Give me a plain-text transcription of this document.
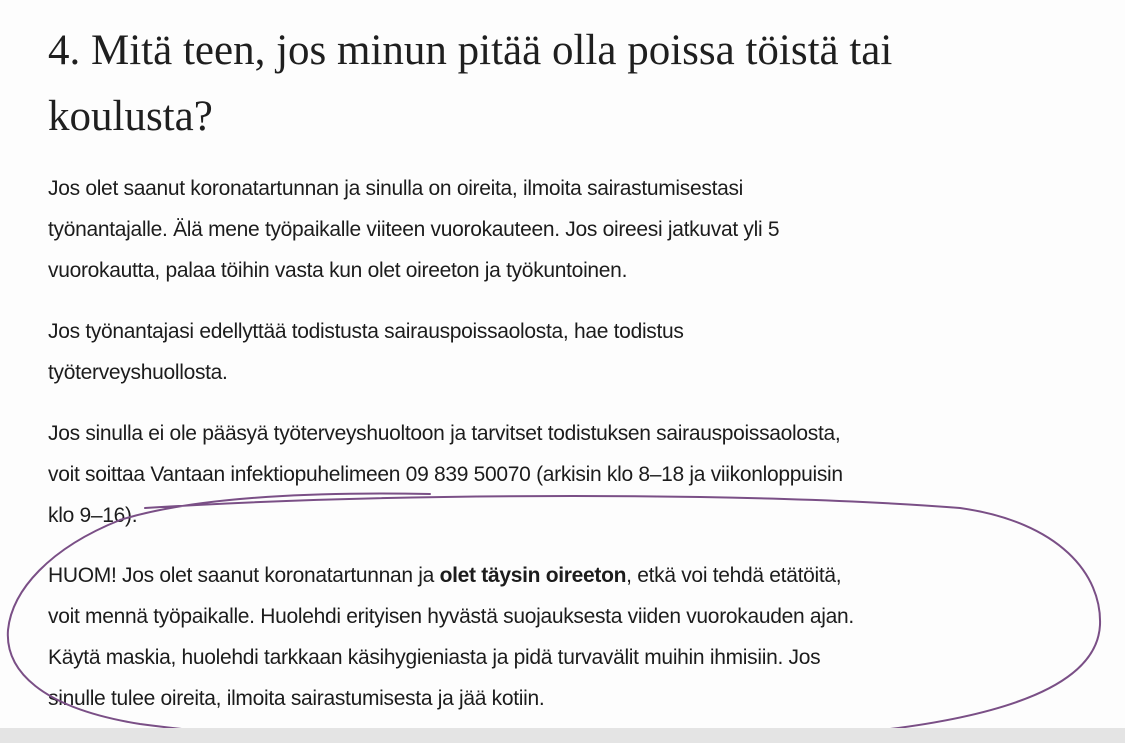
4. Mitä teen, jos minun pitää olla poissa töistä tai
koulusta?

Jos olet saanut koronatartunnan ja sinulla on oireita, ilmoita sairastumisestasi
työnantajalle. Älä mene työpaikalle viiteen vuorokauteen. Jos oireesi jatkuvat yli 5
vuorokautta, palaa töihin vasta kun olet oireeton ja työkuntoinen.

Jos työnantajasi edellyttää todistusta sairauspoissaolosta, hae todistus
työterveyshuollosta.

Jos sinulla ei ole pääsyä työterveyshuoltoon ja tarvitset todistuksen sairauspoissaolosta,
voit soittaa Vantaan infektiopuhelimeen 09 839 50070 (arkisin klo 8–18 ja viikonloppuisin
klo 9–16).

HUOM! Jos olet saanut koronatartunnan ja olet täysin oireeton, etkä voi tehdä etätöitä,
voit mennä työpaikalle. Huolehdi erityisen hyvästä suojauksesta viiden vuorokauden ajan.
Käytä maskia, huolehdi tarkkaan käsihygieniasta ja pidä turvavälit muihin ihmisiin. Jos
sinulle tulee oireita, ilmoita sairastumisesta ja jää kotiin.
